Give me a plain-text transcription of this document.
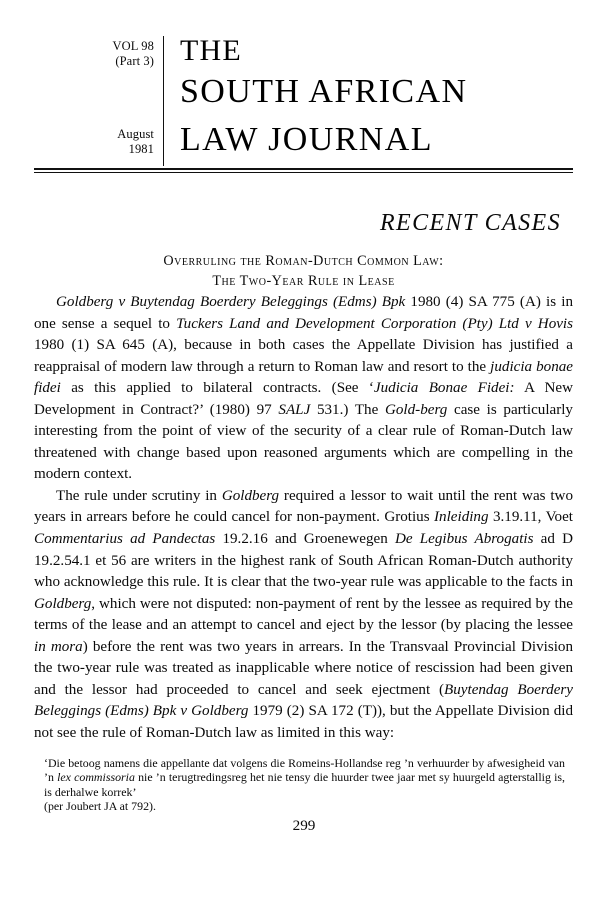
VOL 98
(Part 3)
August
1981
THE
SOUTH AFRICAN
LAW JOURNAL
RECENT CASES
Overruling the Roman-Dutch Common Law:
The Two-Year Rule in Lease

Goldberg v Buytendag Boerdery Beleggings (Edms) Bpk 1980 (4) SA 775 (A) is in one sense a sequel to Tuckers Land and Development Corporation (Pty) Ltd v Hovis 1980 (1) SA 645 (A), because in both cases the Appellate Division has justified a reappraisal of modern law through a return to Roman law and resort to the judicia bonae fidei as this applied to bilateral contracts. (See ‘Judicia Bonae Fidei: A New Development in Contract?’ (1980) 97 SALJ 531.) The Gold-berg case is particularly interesting from the point of view of the security of a clear rule of Roman-Dutch law threatened with change based upon reasoned arguments which are compelling in the modern context.

The rule under scrutiny in Goldberg required a lessor to wait until the rent was two years in arrears before he could cancel for non-payment. Grotius Inleiding 3.19.11, Voet Commentarius ad Pandectas 19.2.16 and Groenewegen De Legibus Abrogatis ad D 19.2.54.1 et 56 are writers in the highest rank of South African Roman-Dutch authority who acknowledge this rule. It is clear that the two-year rule was applicable to the facts in Goldberg, which were not disputed: non-payment of rent by the lessee as required by the terms of the lease and an attempt to cancel and eject by the lessor (by placing the lessee in mora) before the rent was two years in arrears. In the Transvaal Provincial Division the two-year rule was treated as inapplicable where notice of rescission had been given and the lessor had proceeded to cancel and seek ejectment (Buytendag Boerdery Beleggings (Edms) Bpk v Goldberg 1979 (2) SA 172 (T)), but the Appellate Division did not see the rule of Roman-Dutch law as limited in this way:

‘Die betoog namens die appellante dat volgens die Romeins-Hollandse reg ’n verhuurder by afwesigheid van ’n lex commissoria nie ’n terugtredingsreg het nie tensy die huurder twee jaar met sy huurgeld agterstallig is, is derhalwe korrek’

(per Joubert JA at 792).

299
